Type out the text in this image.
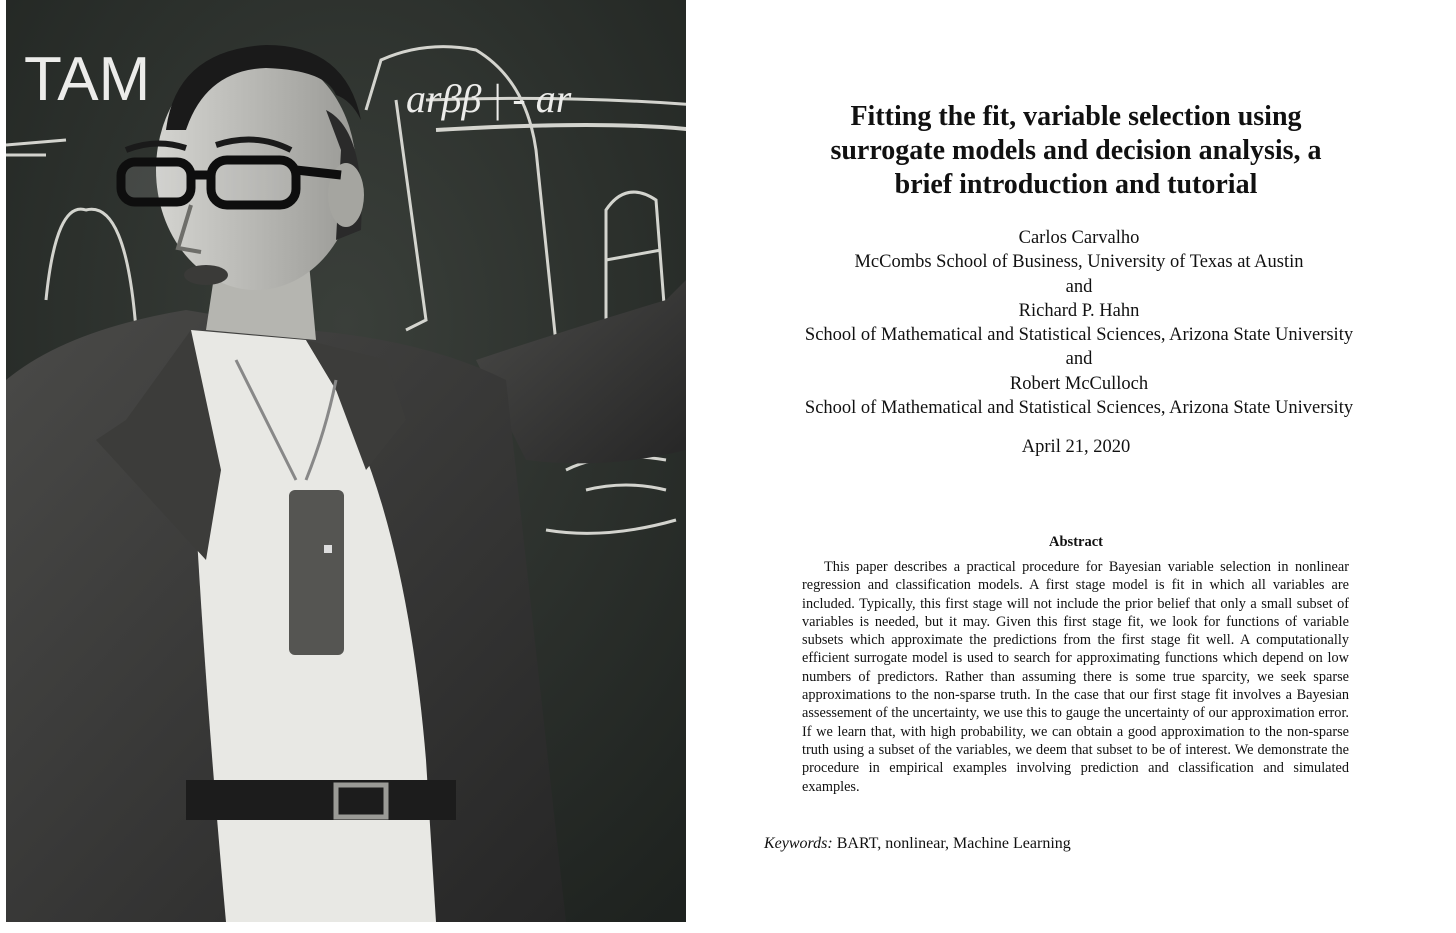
TAM	arββ | - ar	Fitting the fit, variable selection using
surrogate models and decision analysis, a
brief introduction and tutorial
Carlos Carvalho
McCombs School of Business, University of Texas at Austin
and
Richard P. Hahn
School of Mathematical and Statistical Sciences, Arizona State University
and
Robert McCulloch
School of Mathematical and Statistical Sciences, Arizona State University
April 21, 2020
Abstract

This paper describes a practical procedure for Bayesian variable selection in nonlinear regression and classification models. A first stage model is fit in which all variables are included. Typically, this first stage will not include the prior belief that only a small subset of variables is needed, but it may. Given this first stage fit, we look for functions of variable subsets which approximate the predictions from the first stage fit well. A computationally efficient surrogate model is used to search for approximating functions which depend on low numbers of predictors. Rather than assuming there is some true sparcity, we seek sparse approximations to the non-sparse truth. In the case that our first stage fit involves a Bayesian assessement of the uncertainty, we use this to gauge the uncertainty of our approximation error. If we learn that, with high probability, we can obtain a good approximation to the non-sparse truth using a subset of the variables, we deem that subset to be of interest. We demonstrate the procedure in empirical examples involving prediction and classification and simulated examples.

Keywords: BART, nonlinear, Machine Learning
